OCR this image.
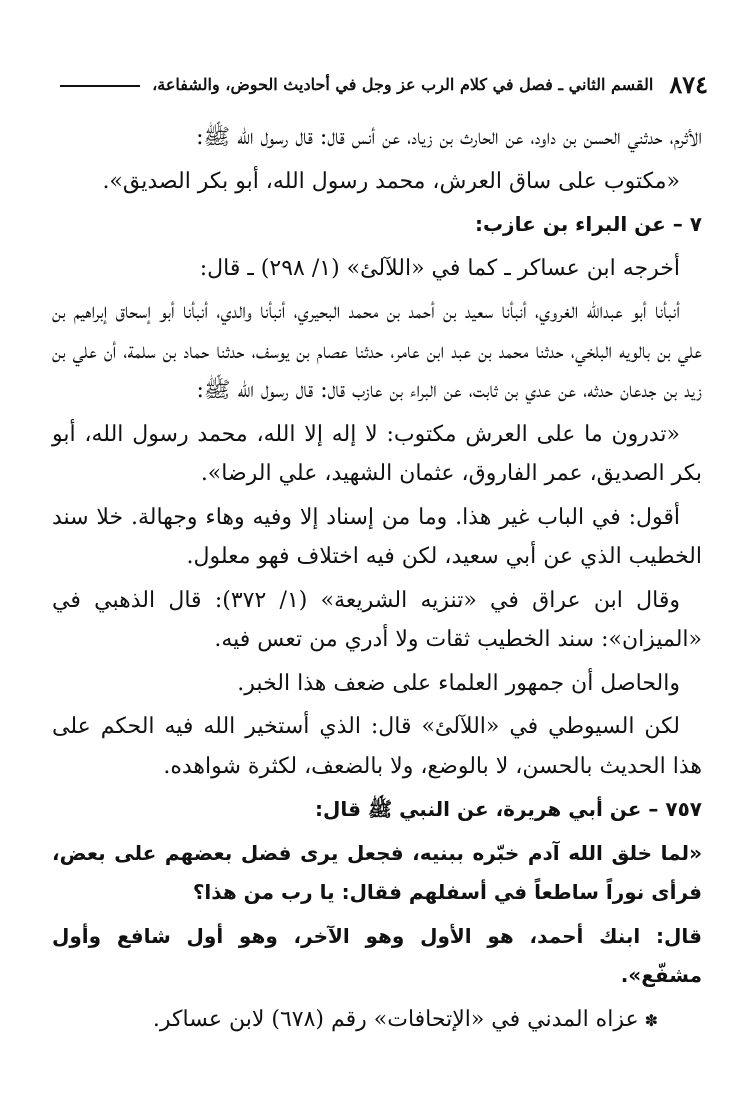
٨٧٤
القسم الثاني ـ فصل في كلام الرب عز وجل في أحاديث الحوض، والشفاعة،

الأثرم، حدثني الحسن بن داود، عن الحارث بن زياد، عن أنس قال: قال رسول الله ﷺ:

«مكتوب على ساق العرش، محمد رسول الله، أبو بكر الصديق».

٧ – عن البراء بن عازب:

أخرجه ابن عساكر ـ كما في «اللآلئ» (١/ ٢٩٨) ـ قال:

أنبأنا أبو عبدالله الغروي، أنبأنا سعيد بن أحمد بن محمد البحيري، أنبأنا والدي، أنبأنا أبو إسحاق إبراهيم بن علي بن بالويه البلخي، حدثنا محمد بن عبد ابن عامر، حدثنا عصام بن يوسف، حدثنا حماد بن سلمة، أن علي بن زيد بن جدعان حدثه، عن عدي بن ثابت، عن البراء بن عازب قال: قال رسول الله ﷺ:

«تدرون ما على العرش مكتوب: لا إله إلا الله، محمد رسول الله، أبو بكر الصديق، عمر الفاروق، عثمان الشهيد، علي الرضا».

أقول: في الباب غير هذا. وما من إسناد إلا وفيه وهاء وجهالة. خلا سند الخطيب الذي عن أبي سعيد، لكن فيه اختلاف فهو معلول.

وقال ابن عراق في «تنزيه الشريعة» (١/ ٣٧٢): قال الذهبي في «الميزان»: سند الخطيب ثقات ولا أدري من تعس فيه.

والحاصل أن جمهور العلماء على ضعف هذا الخبر.

لكن السيوطي في «اللآلئ» قال: الذي أستخير الله فيه الحكم على هذا الحديث بالحسن، لا بالوضع، ولا بالضعف، لكثرة شواهده.

٧٥٧ – عن أبي هريرة، عن النبي ﷺ قال:

«لما خلق الله آدم خبّره ببنيه، فجعل يرى فضل بعضهم على بعض، فرأى نوراً ساطعاً في أسفلهم فقال: يا رب من هذا؟

قال: ابنك أحمد، هو الأول وهو الآخر، وهو أول شافع وأول مشفّع».

✽عزاه المدني في «الإتحافات» رقم (٦٧٨) لابن عساكر.
